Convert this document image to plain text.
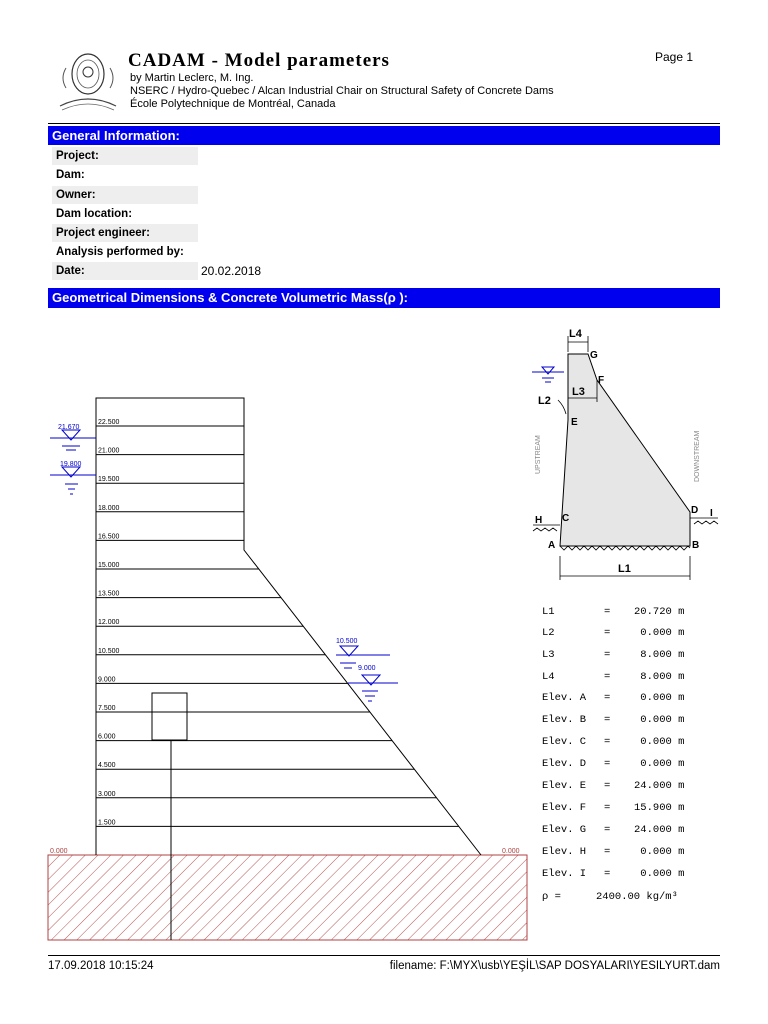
CADAM - Model parameters
by Martin Leclerc, M. Ing.
NSERC / Hydro-Quebec / Alcan Industrial Chair on Structural Safety of Concrete Dams
École Polytechnique de Montréal, Canada
Page 1
General Information:
Project:
Dam:
Owner:
Dam location:
Project engineer:
Analysis performed by:
Date:	20.02.2018
Geometrical Dimensions & Concrete Volumetric Mass(ρ ):
22.500
21.000
19.500
18.000
16.500
15.000
13.500
12.000
10.500
9.000
7.500
6.000
4.500
3.000
1.500
0.000	0.000
21.670
19.800
10.500
9.000
L4
L3
L2
L1
G
F
E
C
D
A	B
H
I
UPSTREAM	DOWNSTREAM
L1	= 20.720 m
L2	= 0.000 m
L3	= 8.000 m
L4	= 8.000 m
Elev. A = 0.000 m
Elev. B = 0.000 m
Elev. C = 0.000 m
Elev. D = 0.000 m
Elev. E = 24.000 m
Elev. F = 15.900 m
Elev. G = 24.000 m
Elev. H = 0.000 m
Elev. I = 0.000 m
ρ =	2400.00 kg/m³
17.09.2018 10:15:24	filename: F:\MYX\usb\YEŞİL\SAP DOSYALARI\YESILYURT.dam
